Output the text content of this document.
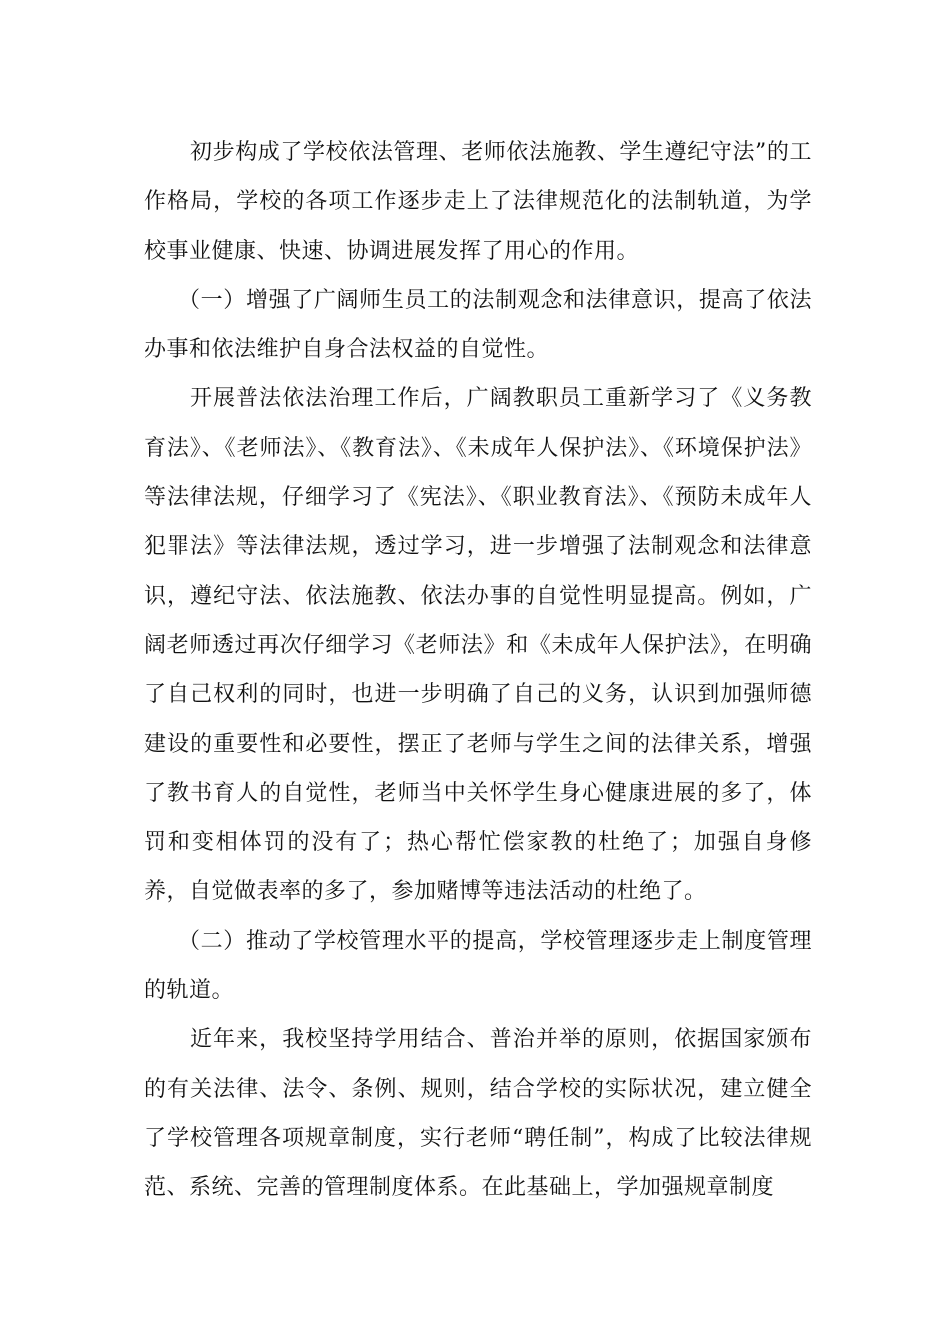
初步构成了学校依法管理、老师依法施教、学生遵纪守法”的工作格局，学校的各项工作逐步走上了法律规范化的法制轨道，为学校事业健康、快速、协调进展发挥了用心的作用。

（一）增强了广阔师生员工的法制观念和法律意识，提高了依法办事和依法维护自身合法权益的自觉性。

开展普法依法治理工作后，广阔教职员工重新学习了《义务教育法》、《老师法》、《教育法》、《未成年人保护法》、《环境保护法》等法律法规，仔细学习了《宪法》、《职业教育法》、《预防未成年人犯罪法》等法律法规，透过学习，进一步增强了法制观念和法律意识，遵纪守法、依法施教、依法办事的自觉性明显提高。例如，广阔老师透过再次仔细学习《老师法》和《未成年人保护法》，在明确了自己权利的同时，也进一步明确了自己的义务，认识到加强师德建设的重要性和必要性，摆正了老师与学生之间的法律关系，增强了教书育人的自觉性，老师当中关怀学生身心健康进展的多了，体罚和变相体罚的没有了；热心帮忙偿家教的杜绝了；加强自身修养，自觉做表率的多了，参加赌博等违法活动的杜绝了。

（二）推动了学校管理水平的提高，学校管理逐步走上制度管理的轨道。

近年来，我校坚持学用结合、普治并举的原则，依据国家颁布的有关法律、法令、条例、规则，结合学校的实际状况，建立健全了学校管理各项规章制度，实行老师“聘任制”，构成了比较法律规范、系统、完善的管理制度体系。在此基础上，学加强规章制度
